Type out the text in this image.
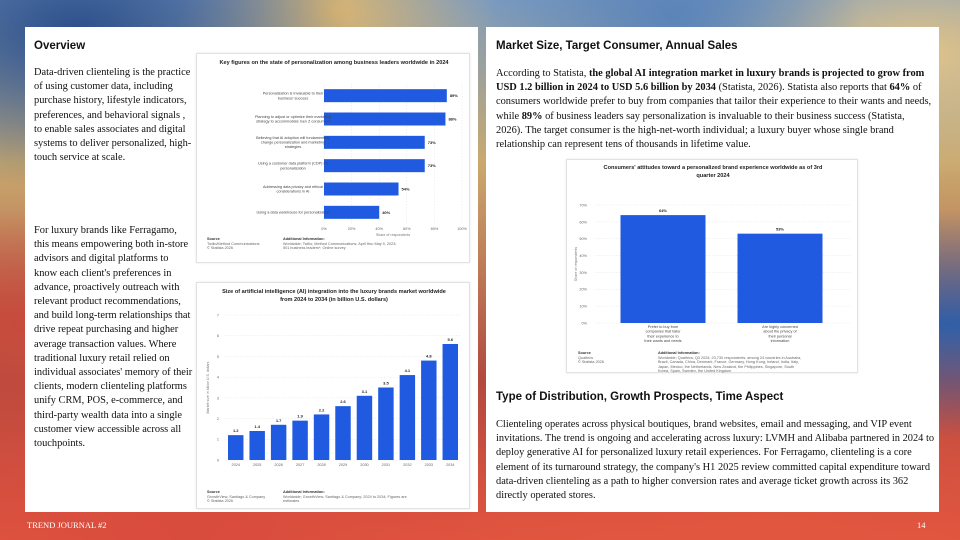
Overview
Data-driven clienteling is the practice of using customer data, including purchase history, lifestyle indicators, preferences, and behavioral signals , to enable sales associates and digital systems to deliver personalized, high-touch service at scale.
For luxury brands like Ferragamo, this means empowering both in-store advisors and digital platforms to know each client's preferences in advance, proactively outreach with relevant product recommendations, and build long-term relationships that drive repeat purchasing and higher average transaction values. Where traditional luxury retail relied on individual associates' memory of their clients, modern clienteling platforms unify CRM, POS, e-commerce, and third-party wealth data into a single customer view accessible across all touchpoints.
Key figures on the state of personalization among business leaders worldwide in 2024
0%	20%	40%	60%	80%	100%
Share of respondents
89%
Personalization is invaluable to their business' success
88%
Planning to adjust or optimize their marketing strategy to accommodate Gen Z consumers
73%
Believing that AI adoption will fundamentally change personalization and marketing strategies
73%
Using a customer data platform (CDP) for personalization
54%
Addressing data privacy and ethical considerations in AI
40%
Using a data warehouse for personalization
Source
Twilio/Method Communications
© Statista 2026
Additional Information:
Worldwide; Twilio; Method Communications; April thru May 9, 2023; 501 business leaders*; Online survey
Size of artificial intelligence (AI) integration into the luxury brands market worldwide from 2024 to 2034 (in billion U.S. dollars)
0
1
2
3
4
5
6
7
Market size in billion U.S. dollars
1.2
2024
1.4
2025
1.7
2026
1.9
2027
2.2
2028
2.6
2029
3.1
2030
3.5
2031
4.1
2032
4.8
2033
5.6
2034
Source
GrowthView, Santiago & Company
© Statista 2026
Additional Information:
Worldwide; GrowthView; Santiago & Company; 2024 to 2034; Figures are estimates
Market Size, Target Consumer, Annual Sales
According to Statista, the global AI integration market in luxury brands is projected to grow from USD 1.2 billion in 2024 to USD 5.6 billion by 2034 (Statista, 2026). Statista also reports that 64% of consumers worldwide prefer to buy from companies that tailor their experience to their wants and needs, while 89% of business leaders say personalization is invaluable to their business success (Statista, 2026). The target consumer is the high-net-worth individual; a luxury buyer whose single brand relationship can represent tens of thousands in lifetime value.
Consumers' attitudes toward a personalized brand experience worldwide as of 3rd quarter 2024
0%
10%
20%
30%
40%
50%
60%
70%
Share of respondents
64%
Prefer to buy from companies that tailor their experience to their wants and needs
53%
Are highly concerned about the privacy of their personal information
Source
Qualtrics
© Statista 2026
Additional Information:
Worldwide; Qualtrics; Q3 2024; 23,730 respondents; among 24 countries in Australia, Brazil, Canada, China, Denmark, France, Germany, Hong Kong, Ireland, India, Italy, Japan, Mexico, the Netherlands, New Zealand, the Philippines, Singapore, South Korea, Spain, Sweden, the United Kingdom
Type of Distribution, Growth Prospects, Time Aspect
Clienteling operates across physical boutiques, brand websites, email and messaging, and VIP event invitations. The trend is ongoing and accelerating across luxury: LVMH and Alibaba partnered in 2024 to deploy generative AI for personalized luxury retail experiences. For Ferragamo, clienteling is a core element of its turnaround strategy, the company's H1 2025 review committed capital expenditure toward data-driven clienteling as a path to higher conversion rates and average ticket growth across its 362 directly operated stores.
TREND JOURNAL #2	14
